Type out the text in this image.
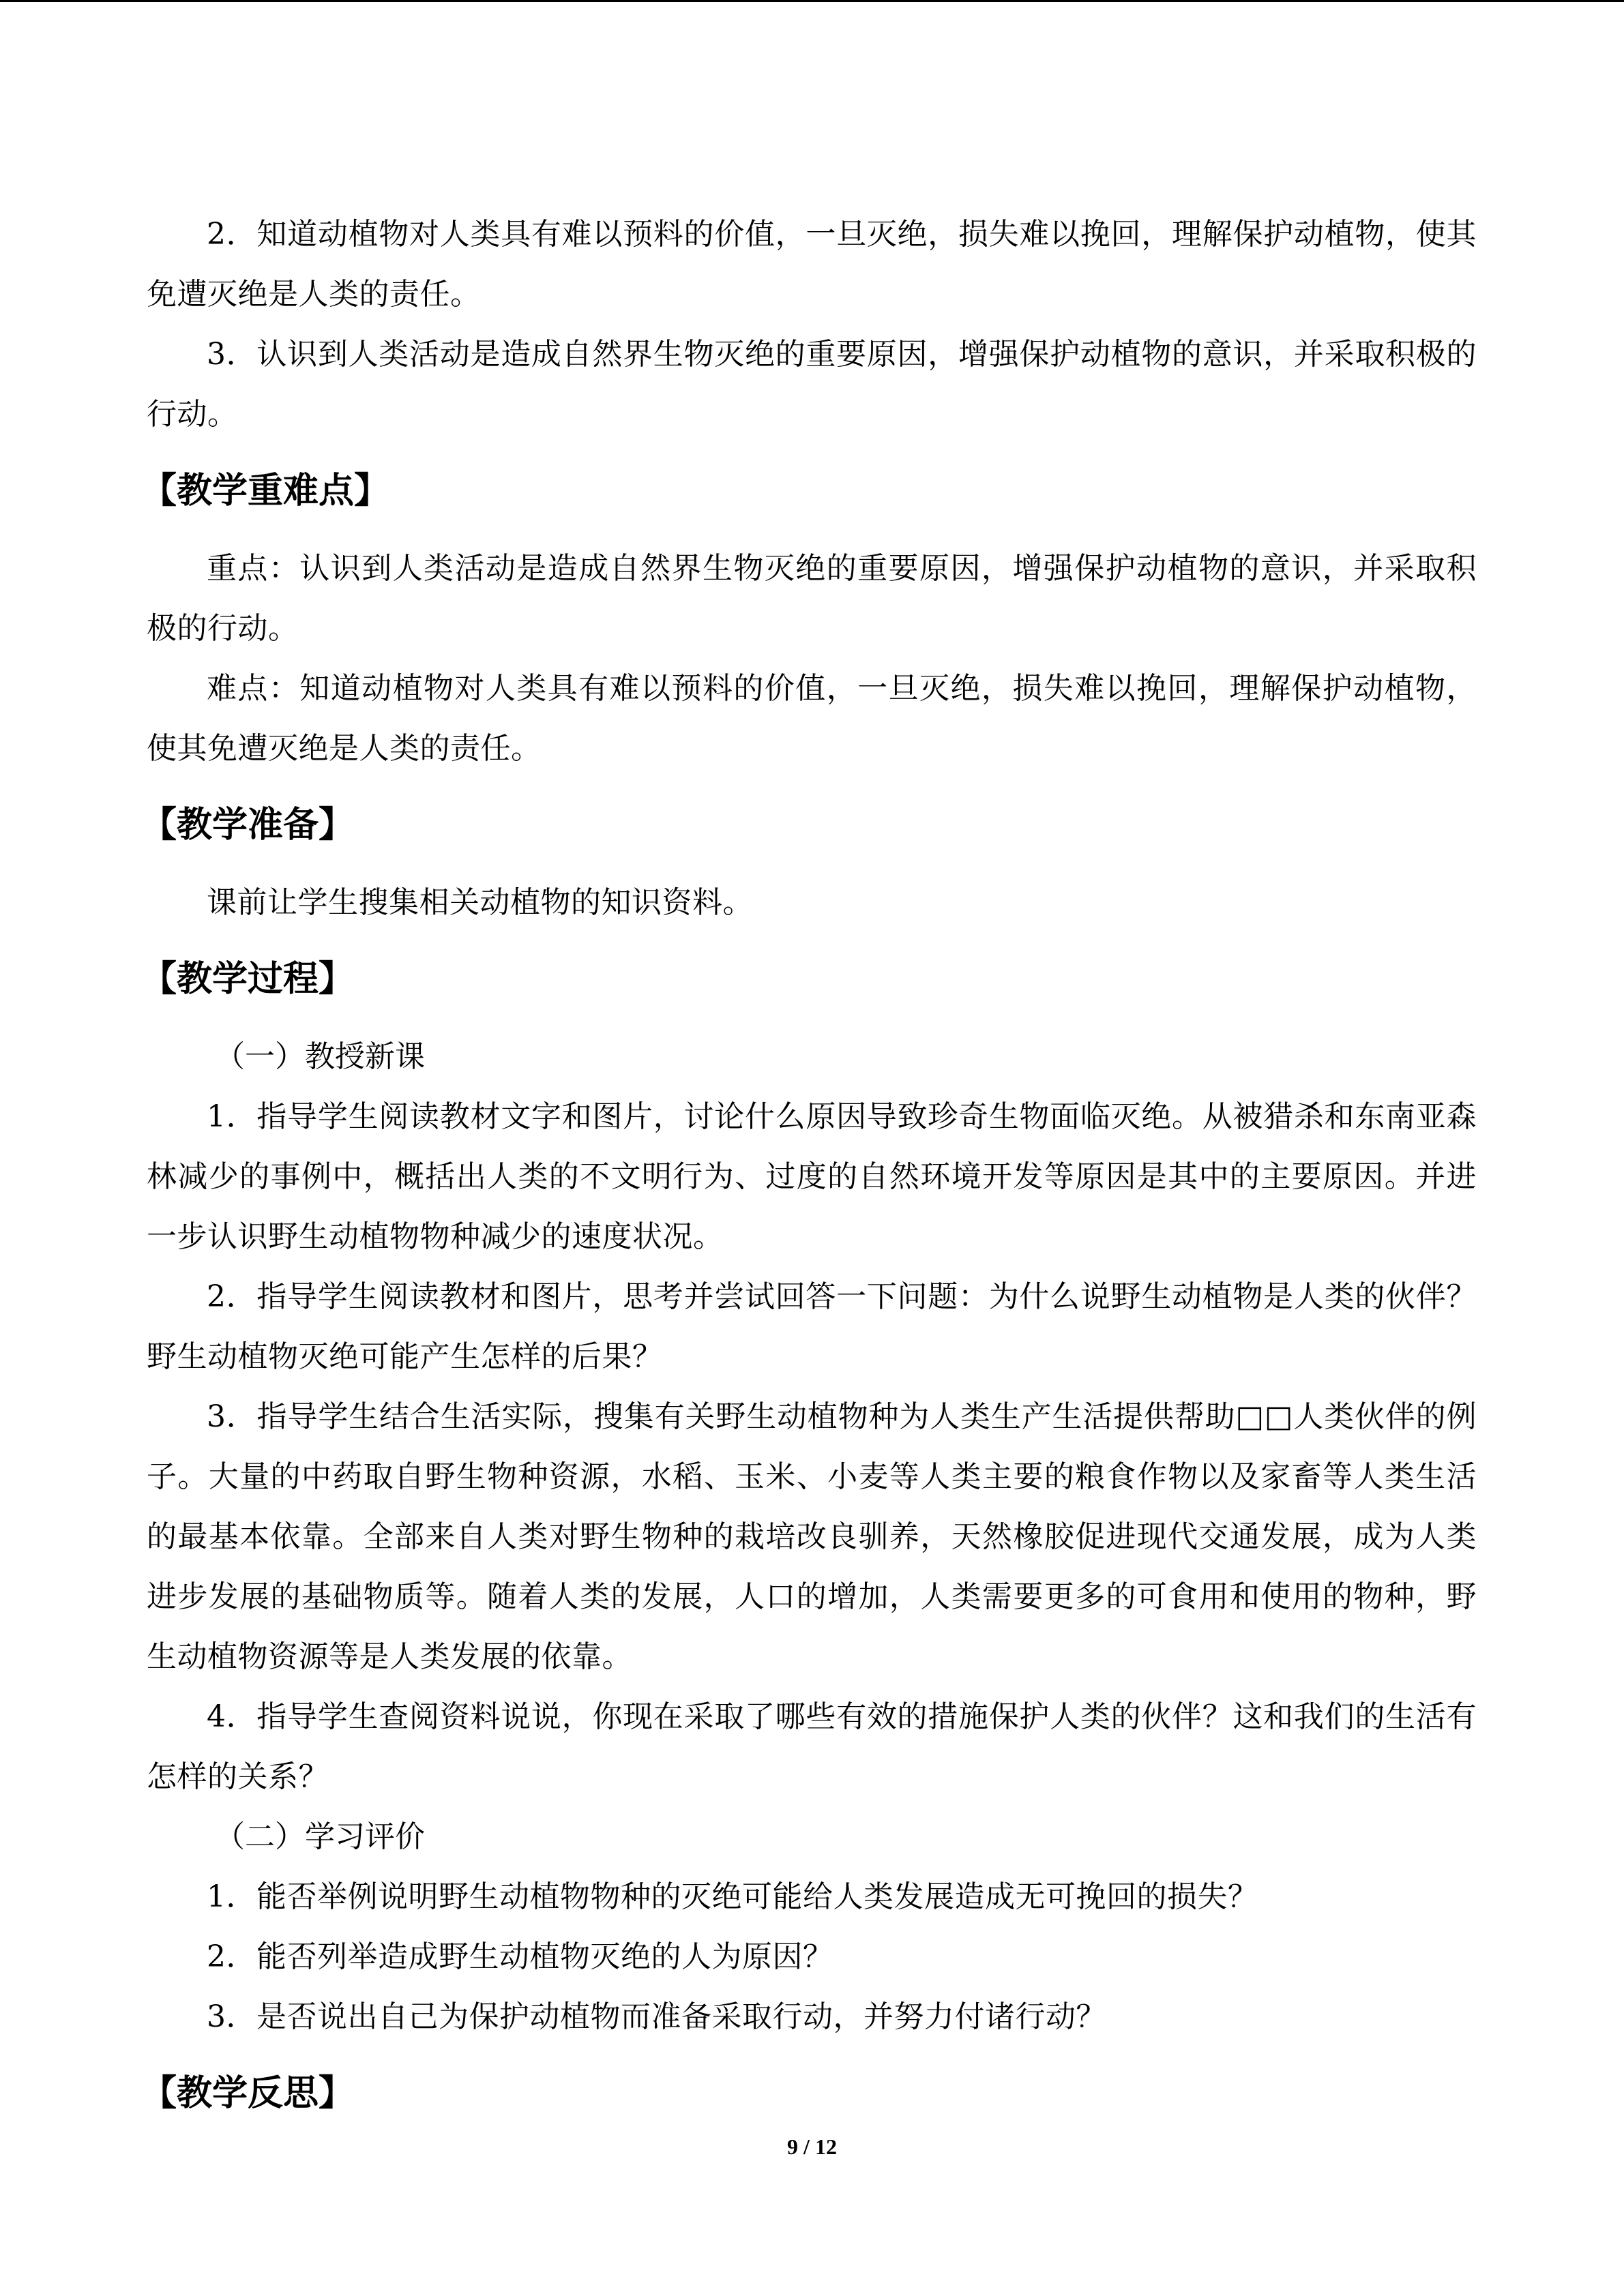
2．知道动植物对人类具有难以预料的价值，一旦灭绝，损失难以挽回，理解保护动植物，使其免遭灭绝是人类的责任。

3．认识到人类活动是造成自然界生物灭绝的重要原因，增强保护动植物的意识，并采取积极的行动。

【教学重难点】

重点：认识到人类活动是造成自然界生物灭绝的重要原因，增强保护动植物的意识，并采取积极的行动。

难点：知道动植物对人类具有难以预料的价值，一旦灭绝，损失难以挽回，理解保护动植物，使其免遭灭绝是人类的责任。

【教学准备】

课前让学生搜集相关动植物的知识资料。

【教学过程】

（一）教授新课

1．指导学生阅读教材文字和图片，讨论什么原因导致珍奇生物面临灭绝。从被猎杀和东南亚森林减少的事例中，概括出人类的不文明行为、过度的自然环境开发等原因是其中的主要原因。并进一步认识野生动植物物种减少的速度状况。

2．指导学生阅读教材和图片，思考并尝试回答一下问题：为什么说野生动植物是人类的伙伴？野生动植物灭绝可能产生怎样的后果？

3．指导学生结合生活实际，搜集有关野生动植物种为人类生产生活提供帮助□□人类伙伴的例子。大量的中药取自野生物种资源，水稻、玉米、小麦等人类主要的粮食作物以及家畜等人类生活的最基本依靠。全部来自人类对野生物种的栽培改良驯养，天然橡胶促进现代交通发展，成为人类进步发展的基础物质等。随着人类的发展，人口的增加，人类需要更多的可食用和使用的物种，野生动植物资源等是人类发展的依靠。

4．指导学生查阅资料说说，你现在采取了哪些有效的措施保护人类的伙伴？这和我们的生活有怎样的关系？

（二）学习评价

1．能否举例说明野生动植物物种的灭绝可能给人类发展造成无可挽回的损失？

2．能否列举造成野生动植物灭绝的人为原因？

3．是否说出自己为保护动植物而准备采取行动，并努力付诸行动？

【教学反思】
9 / 12
